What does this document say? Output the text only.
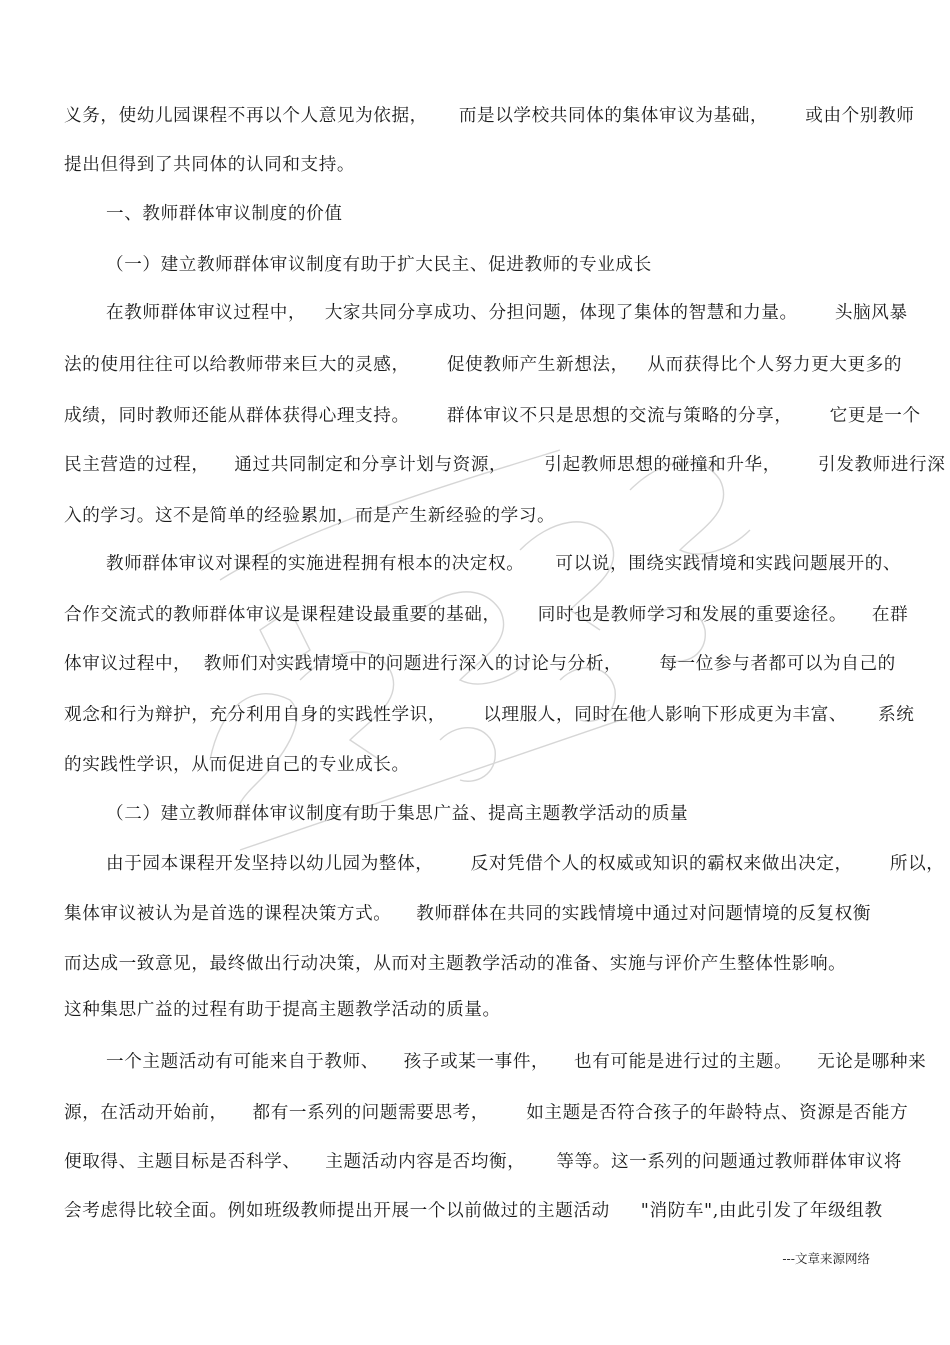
义务，使幼儿园课程不再以个人意见为依据，     而是以学校共同体的集体审议为基础，      或由个别教师
提出但得到了共同体的认同和支持。
一、教师群体审议制度的价值
（一）建立教师群体审议制度有助于扩大民主、促进教师的专业成长
在教师群体审议过程中，   大家共同分享成功、分担问题，体现了集体的智慧和力量。      头脑风暴
法的使用往往可以给教师带来巨大的灵感，      促使教师产生新想法，   从而获得比个人努力更大更多的
成绩，同时教师还能从群体获得心理支持。      群体审议不只是思想的交流与策略的分享，      它更是一个
民主营造的过程，    通过共同制定和分享计划与资源，      引起教师思想的碰撞和升华，      引发教师进行深
入的学习。这不是简单的经验累加，而是产生新经验的学习。
教师群体审议对课程的实施进程拥有根本的决定权。     可以说，围绕实践情境和实践问题展开的、
合作交流式的教师群体审议是课程建设最重要的基础，      同时也是教师学习和发展的重要途径。    在群
体审议过程中，  教师们对实践情境中的问题进行深入的讨论与分析，      每一位参与者都可以为自己的
观念和行为辩护，充分利用自身的实践性学识，      以理服人，同时在他人影响下形成更为丰富、     系统
的实践性学识，从而促进自己的专业成长。
（二）建立教师群体审议制度有助于集思广益、提高主题教学活动的质量
由于园本课程开发坚持以幼儿园为整体，      反对凭借个人的权威或知识的霸权来做出决定，      所以，
集体审议被认为是首选的课程决策方式。    教师群体在共同的实践情境中通过对问题情境的反复权衡
而达成一致意见，最终做出行动决策，从而对主题教学活动的准备、实施与评价产生整体性影响。
这种集思广益的过程有助于提高主题教学活动的质量。
一个主题活动有可能来自于教师、    孩子或某一事件，    也有可能是进行过的主题。    无论是哪种来
源，在活动开始前，    都有一系列的问题需要思考，      如主题是否符合孩子的年龄特点、资源是否能方
便取得、主题目标是否科学、    主题活动内容是否均衡，     等等。这一系列的问题通过教师群体审议将
会考虑得比较全面。例如班级教师提出开展一个以前做过的主题活动     "消防车",由此引发了年级组教
---文章来源网络
